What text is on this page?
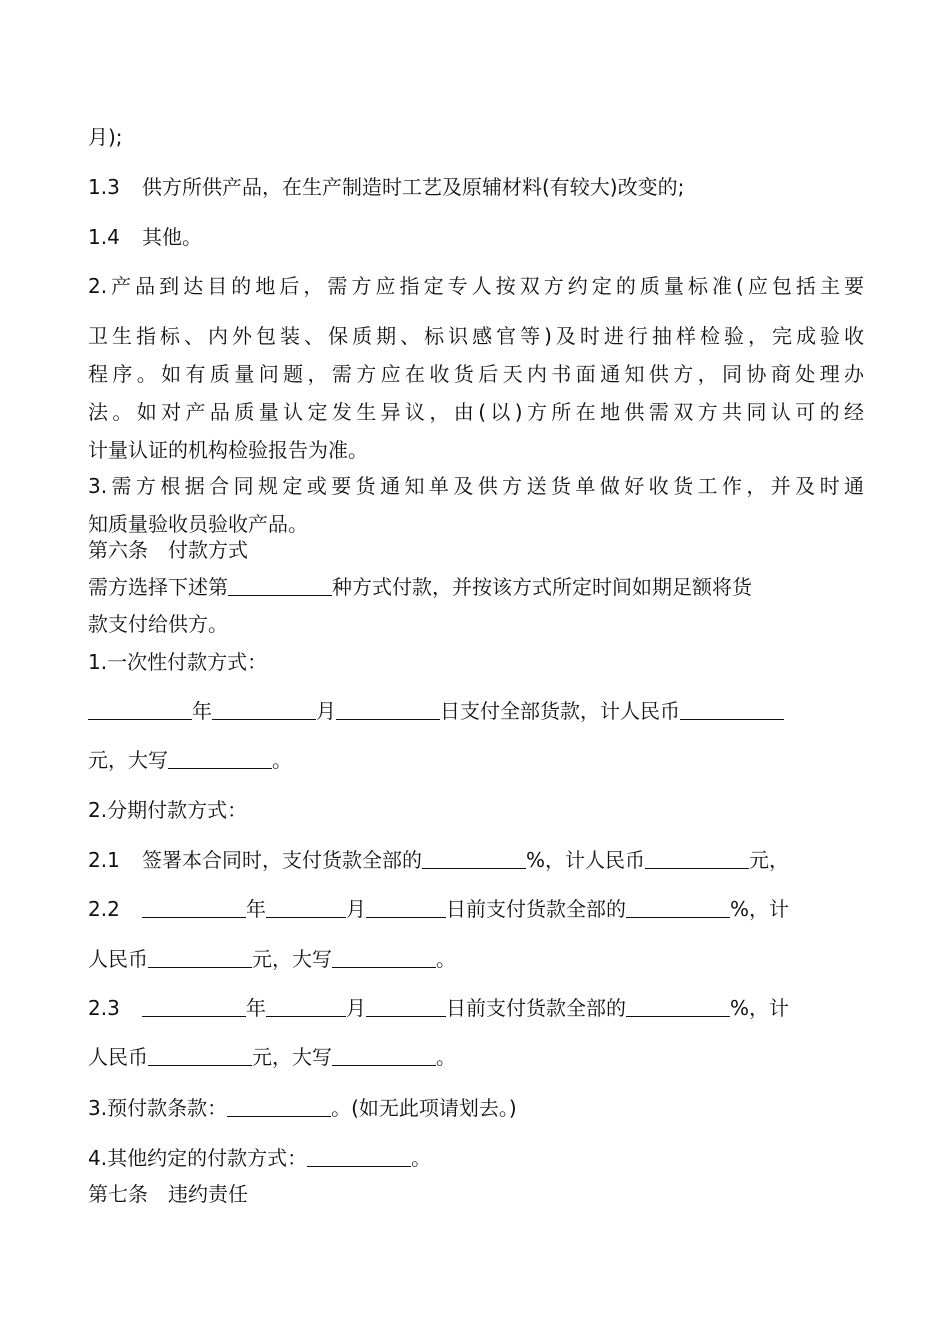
月);
1.3 供方所供产品，在生产制造时工艺及原辅材料(有较大)改变的;
1.4 其他。
2.产品到达目的地后，需方应指定专人按双方约定的质量标准(应包括主要
卫生指标、内外包装、保质期、标识感官等)及时进行抽样检验，完成验收
程序。如有质量问题，需方应在收货后天内书面通知供方，同协商处理办
法。如对产品质量认定发生异议，由(以)方所在地供需双方共同认可的经
计量认证的机构检验报告为准。
3.需方根据合同规定或要货通知单及供方送货单做好收货工作，并及时通
知质量验收员验收产品。
第六条　付款方式
需方选择下述第	种方式付款，并按该方式所定时间如期足额将货
款支付给供方。
1.一次性付款方式：
年	月	日支付全部货款，计人民币
元，大写	。
2.分期付款方式：
2.1 签署本合同时，支付货款全部的	%，计人民币	元，
2.2	年	月	日前支付货款全部的	%，计
人民币	元，大写	。
2.3	年	月	日前支付货款全部的	%，计
人民币	元，大写	。
3.预付款条款：	。(如无此项请划去。)
4.其他约定的付款方式：	。
第七条　违约责任
